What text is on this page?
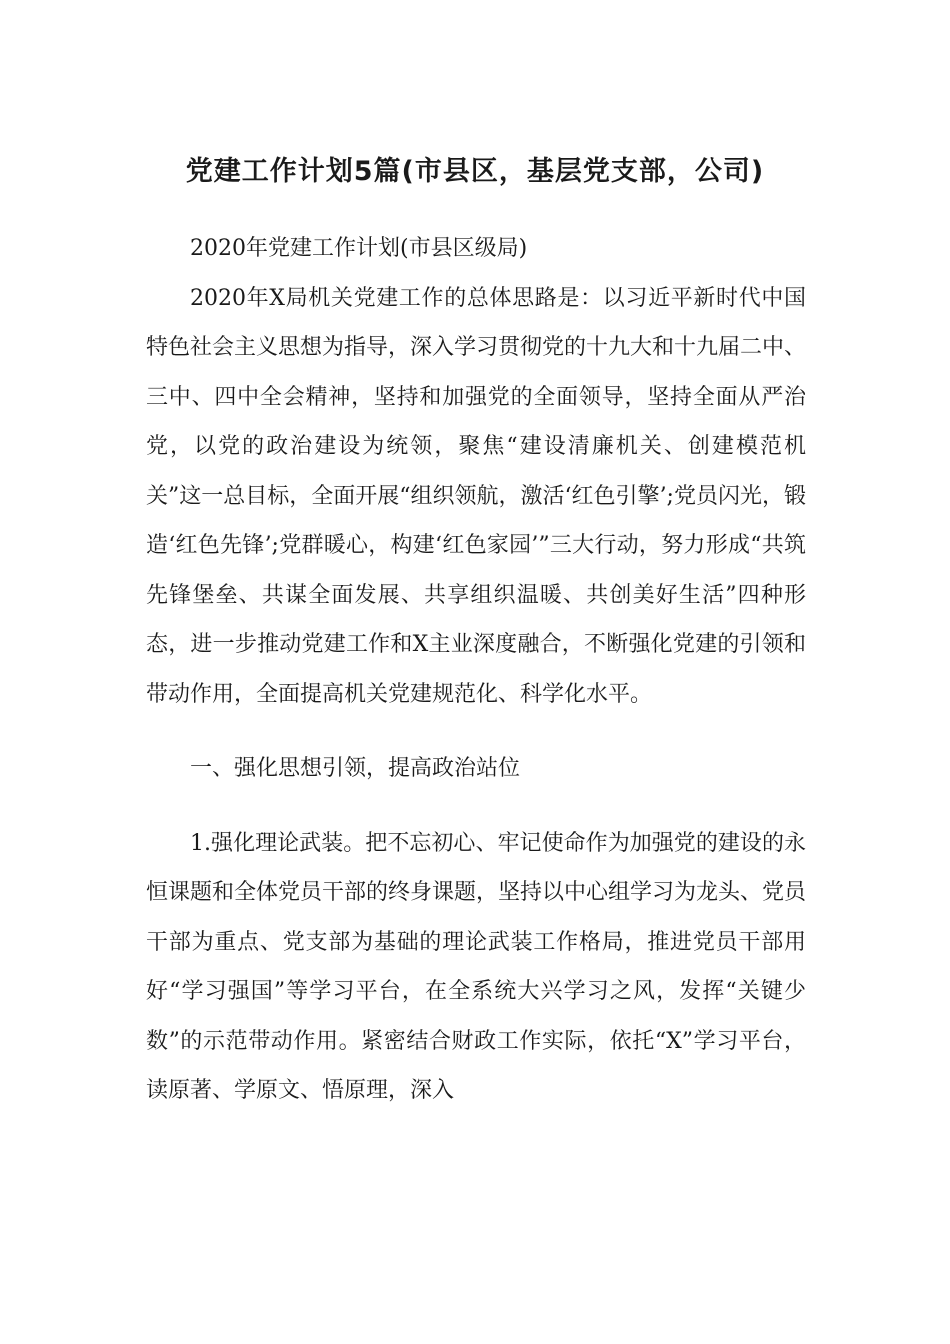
党建工作计划5篇(市县区，基层党支部，公司)

2020年党建工作计划(市县区级局)

2020年X局机关党建工作的总体思路是：以习近平新时代中国特色社会主义思想为指导，深入学习贯彻党的十九大和十九届二中、三中、四中全会精神，坚持和加强党的全面领导，坚持全面从严治党，以党的政治建设为统领，聚焦“建设清廉机关、创建模范机关”这一总目标，全面开展“组织领航，激活‘红色引擎’;党员闪光，锻造‘红色先锋’;党群暖心，构建‘红色家园’”三大行动，努力形成“共筑先锋堡垒、共谋全面发展、共享组织温暖、共创美好生活”四种形态，进一步推动党建工作和X主业深度融合，不断强化党建的引领和带动作用，全面提高机关党建规范化、科学化水平。

一、强化思想引领，提高政治站位

1.强化理论武装。把不忘初心、牢记使命作为加强党的建设的永恒课题和全体党员干部的终身课题，坚持以中心组学习为龙头、党员干部为重点、党支部为基础的理论武装工作格局，推进党员干部用好“学习强国”等学习平台，在全系统大兴学习之风，发挥“关键少数”的示范带动作用。紧密结合财政工作实际，依托“X”学习平台，读原著、学原文、悟原理，深入
